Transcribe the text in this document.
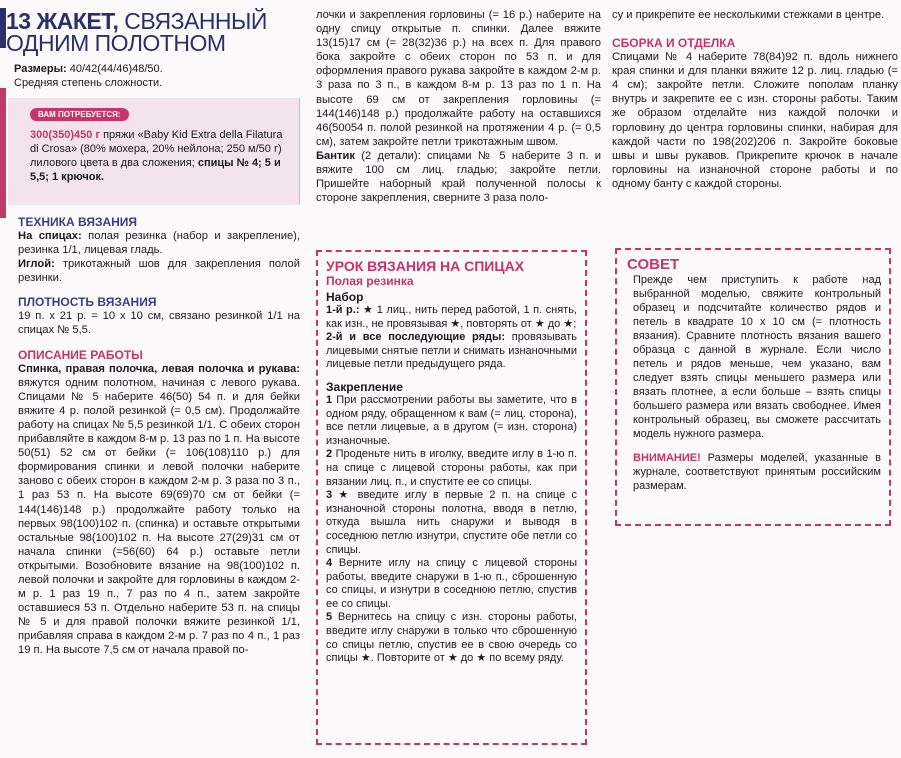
13 ЖАКЕТ, СВЯЗАННЫЙ ОДНИМ ПОЛОТНОМ
Размеры: 40/42(44/46)48/50.
Средняя степень сложности.
ВАМ ПОТРЕБУЕТСЯ:

300(350)450 г пряжи «Baby Kid Extra della Filatura di Crosa» (80% мохера, 20% нейлона; 250 м/50 г) лилового цвета в два сложения; спицы № 4; 5 и 5,5; 1 крючок.

ТЕХНИКА ВЯЗАНИЯ

На спицах: полая резинка (набор и закрепление), резинка 1/1, лицевая гладь.

Иглой: трикотажный шов для закрепления полой резинки.

ПЛОТНОСТЬ ВЯЗАНИЯ

19 п. х 21 р. = 10 х 10 см, связано резинкой 1/1 на спицах № 5,5.

ОПИСАНИЕ РАБОТЫ

Спинка, правая полочка, левая полочка и рукава: вяжутся одним полотном, начиная с левого рукава. Спицами № 5 наберите 46(50) 54 п. и для бейки вяжите 4 р. полой резинкой (= 0,5 см). Продолжайте работу на спицах № 5,5 резинкой 1/1. С обеих сторон прибавляйте в каждом 8-м р. 13 раз по 1 п. На высоте 50(51) 52 см от бейки (= 106(108)110 р.) для формирования спинки и левой полочки наберите заново с обеих сторон в каждом 2-м р. 3 раза по 3 п., 1 раз 53 п. На высоте 69(69)70 см от бейки (= 144(146)148 р.) продолжайте работу только на первых 98(100)102 п. (спинка) и оставьте открытыми остальные 98(100)102 п. На высоте 27(29)31 см от начала спинки (=56(60) 64 р.) оставьте петли открытыми. Возобновите вязание на 98(100)102 п. левой полочки и закройте для горловины в каждом 2-м р. 1 раз 19 п., 7 раз по 4 п., затем закройте оставшиеся 53 п. Отдельно наберите 53 п. на спицы № 5 и для правой полочки вяжите резинкой 1/1, прибавляя справа в каждом 2-м р. 7 раз по 4 п., 1 раз 19 п. На высоте 7,5 см от начала правой по-

лочки и закрепления горловины (= 16 р.) наберите на одну спицу открытые п. спинки. Далее вяжите 13(15)17 см (= 28(32)36 р.) на всех п. Для правого бока закройте с обеих сторон по 53 п. и для оформления правого рукава закройте в каждом 2-м р. 3 раза по 3 п., в каждом 8-м р. 13 раз по 1 п. На высоте 69 см от закрепления горловины (= 144(146)148 р.) продолжайте работу на оставшихся 46(50054 п. полой резинкой на протяжении 4 р. (= 0,5 см), затем закройте петли трикотажным швом.

Бантик (2 детали): спицами № 5 наберите 3 п. и вяжите 100 см лиц. гладью; закройте петли. Пришейте наборный край полученной полосы к стороне закрепления, сверните 3 раза поло-

УРОК ВЯЗАНИЯ НА СПИЦАХ
Полая резинка
Набор

1-й р.: ★ 1 лиц., нить перед работой, 1 п. снять, как изн., не провязывая ★, повторять от ★ до ★;

2-й и все последующие ряды: провязывать лицевыми снятые петли и снимать изнаночными лицевые петли предыдущего ряда.

Закрепление

1 При рассмотрении работы вы заметите, что в одном ряду, обращенном к вам (= лиц. сторона), все петли лицевые, а в другом (= изн. сторона) изнаночные.

2 Проденьте нить в иголку, введите иглу в 1-ю п. на спице с лицевой стороны работы, как при вязании лиц. п., и спустите ее со спицы.

3 ★ введите иглу в первые 2 п. на спице с изнаночной стороны полотна, вводя в петлю, откуда вышла нить снаружи и выводя в соседнюю петлю изнутри, спустите обе петли со спицы.

4 Верните иглу на спицу с лицевой стороны работы, введите снаружи в 1-ю п., сброшенную со спицы, и изнутри в соседнюю петлю, спустив ее со спицы.

5 Вернитесь на спицу с изн. стороны работы, введите иглу снаружи в только что сброшенную со спицы петлю, спустив ее в свою очередь со спицы ★. Повторите от ★ до ★ по всему ряду.

су и прикрепите ее несколькими стежками в центре.

СБОРКА И ОТДЕЛКА

Спицами № 4 наберите 78(84)92 п. вдоль нижнего края спинки и для планки вяжите 12 р. лиц. гладью (= 4 см); закройте петли. Сложите пополам планку внутрь и закрепите ее с изн. стороны работы. Таким же образом отделайте низ каждой полочки и горловину до центра горловины спинки, набирая для каждой части по 198(202)206 п. Закройте боковые швы и швы рукавов. Прикрепите крючок в начале горловины на изнаночной стороне работы и по одному банту с каждой стороны.

СОВЕТ

Прежде чем приступить к работе над выбранной моделью, свяжите контрольный образец и подсчитайте количество рядов и петель в квадрате 10 х 10 см (= плотность вязания). Сравните плотность вязания вашего образца с данной в журнале. Если число петель и рядов меньше, чем указано, вам следует взять спицы меньшего размера или вязать плотнее, а если больше – взять спицы большего размера или вязать свободнее. Имея контрольный образец, вы сможете рассчитать модель нужного размера.

ВНИМАНИЕ! Размеры моделей, указанные в журнале, соответствуют принятым российским размерам.
